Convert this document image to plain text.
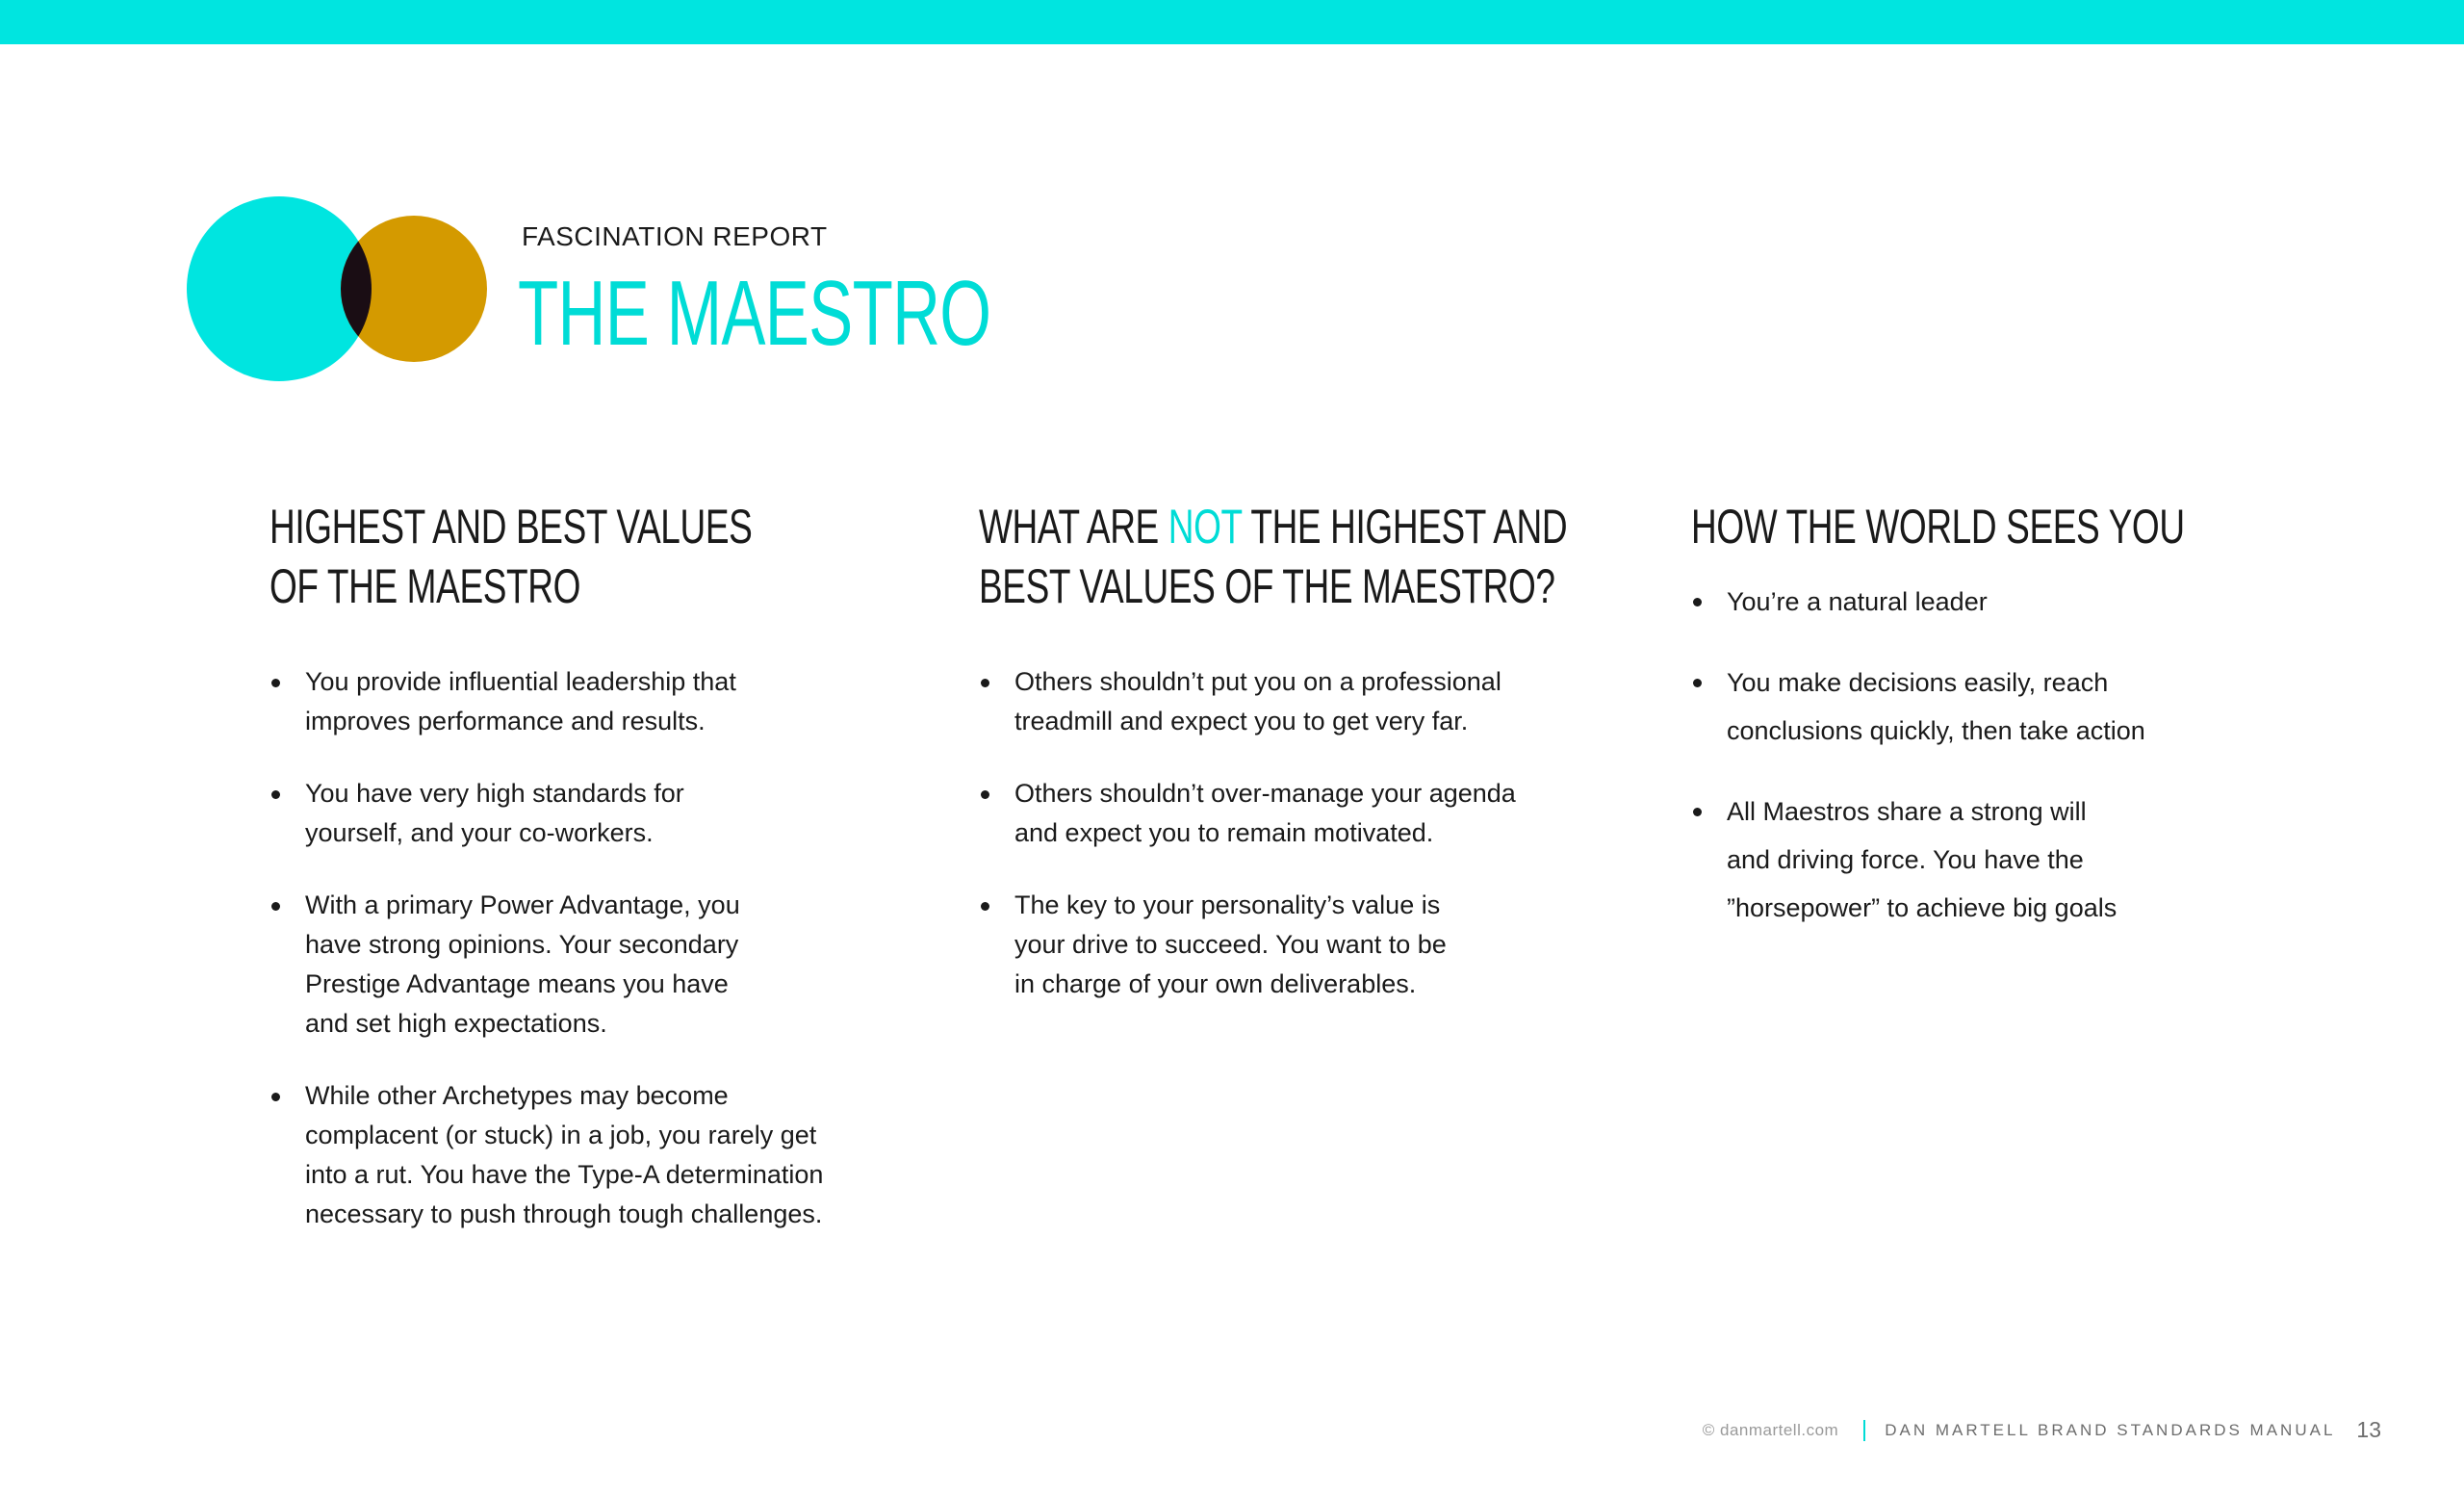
FASCINATION REPORT
THE MAESTRO
HIGHEST AND BEST VALUES
OF THE MAESTRO
You provide influential leadership that
improves performance and results.
You have very high standards for
yourself, and your co-workers.
With a primary Power Advantage, you
have strong opinions. Your secondary
Prestige Advantage means you have
and set high expectations.
While other Archetypes may become
complacent (or stuck) in a job, you rarely get
into a rut. You have the Type-A determination
necessary to push through tough challenges.
WHAT ARE NOT THE HIGHEST AND
BEST VALUES OF THE MAESTRO?
Others shouldn’t put you on a professional
treadmill and expect you to get very far.
Others shouldn’t over-manage your agenda
and expect you to remain motivated.
The key to your personality’s value is
your drive to succeed. You want to be
in charge of your own deliverables.
HOW THE WORLD SEES YOU
You’re a natural leader
You make decisions easily, reach
conclusions quickly, then take action
All Maestros share a strong will
and driving force. You have the
”horsepower” to achieve big goals
© danmartell.com	DAN MARTELL BRAND STANDARDS MANUAL 13
